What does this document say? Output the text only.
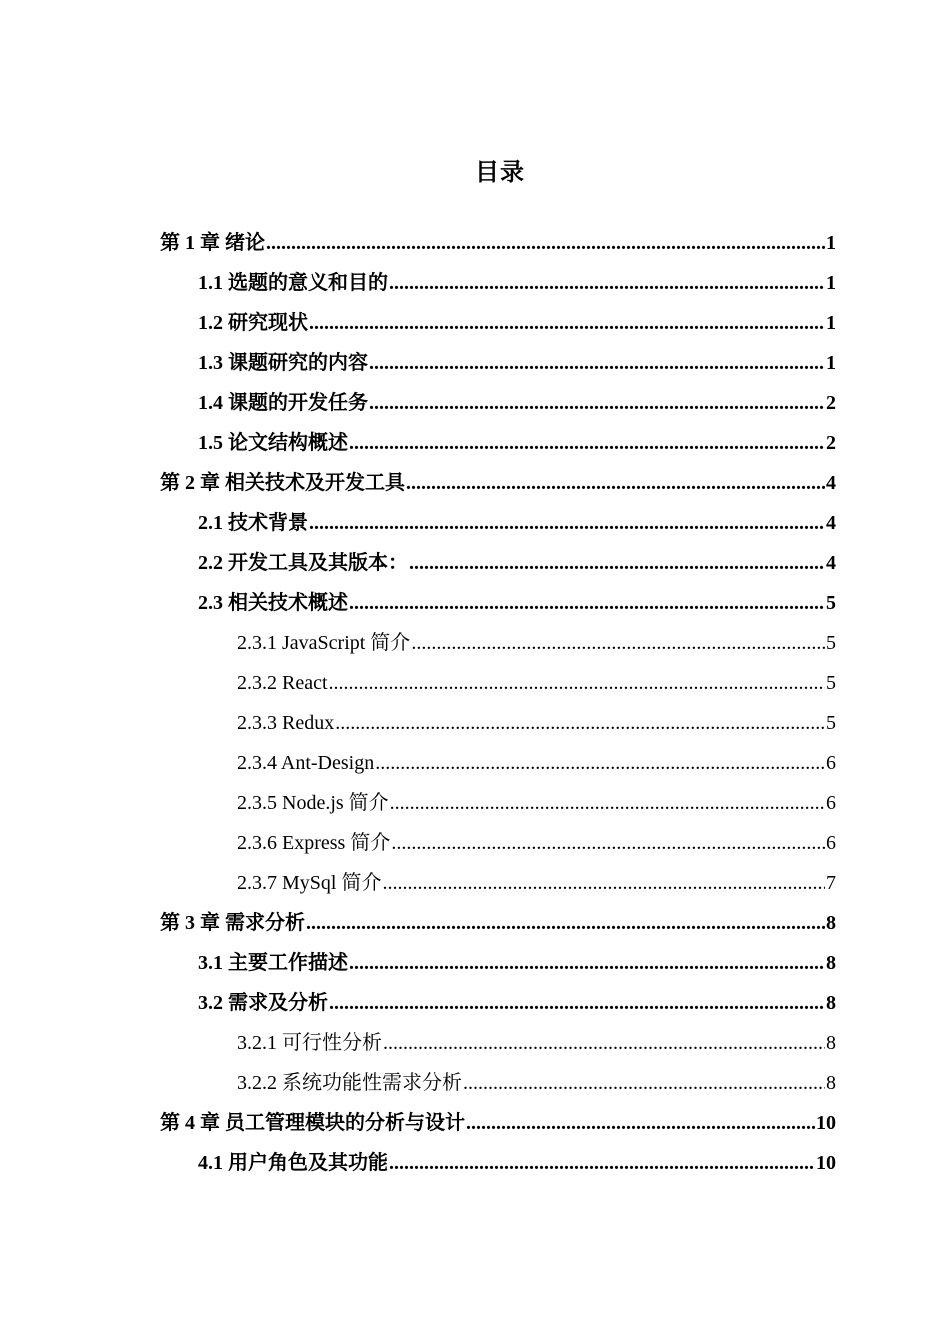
目录
第 1 章 绪论 .....	1
1.1 选题的意义和目的 .....	1
1.2 研究现状 .....	1
1.3 课题研究的内容 .....	1
1.4 课题的开发任务 .....	2
1.5 论文结构概述 .....	2
第 2 章 相关技术及开发工具 .....	4
2.1 技术背景 .....	4
2.2 开发工具及其版本： .....	4
2.3 相关技术概述 .....	5
2.3.1 JavaScript 简介 .....	5
2.3.2 React .....	5
2.3.3 Redux .....	5
2.3.4 Ant-Design .....	6
2.3.5 Node.js 简介 .....	6
2.3.6 Express 简介 .....	6
2.3.7 MySql 简介 .....	7
第 3 章 需求分析 .....	8
3.1 主要工作描述 .....	8
3.2 需求及分析 .....	8
3.2.1 可行性分析 .....	8
3.2.2 系统功能性需求分析 .....	8
第 4 章 员工管理模块的分析与设计 .....	10
4.1 用户角色及其功能 .....	10
